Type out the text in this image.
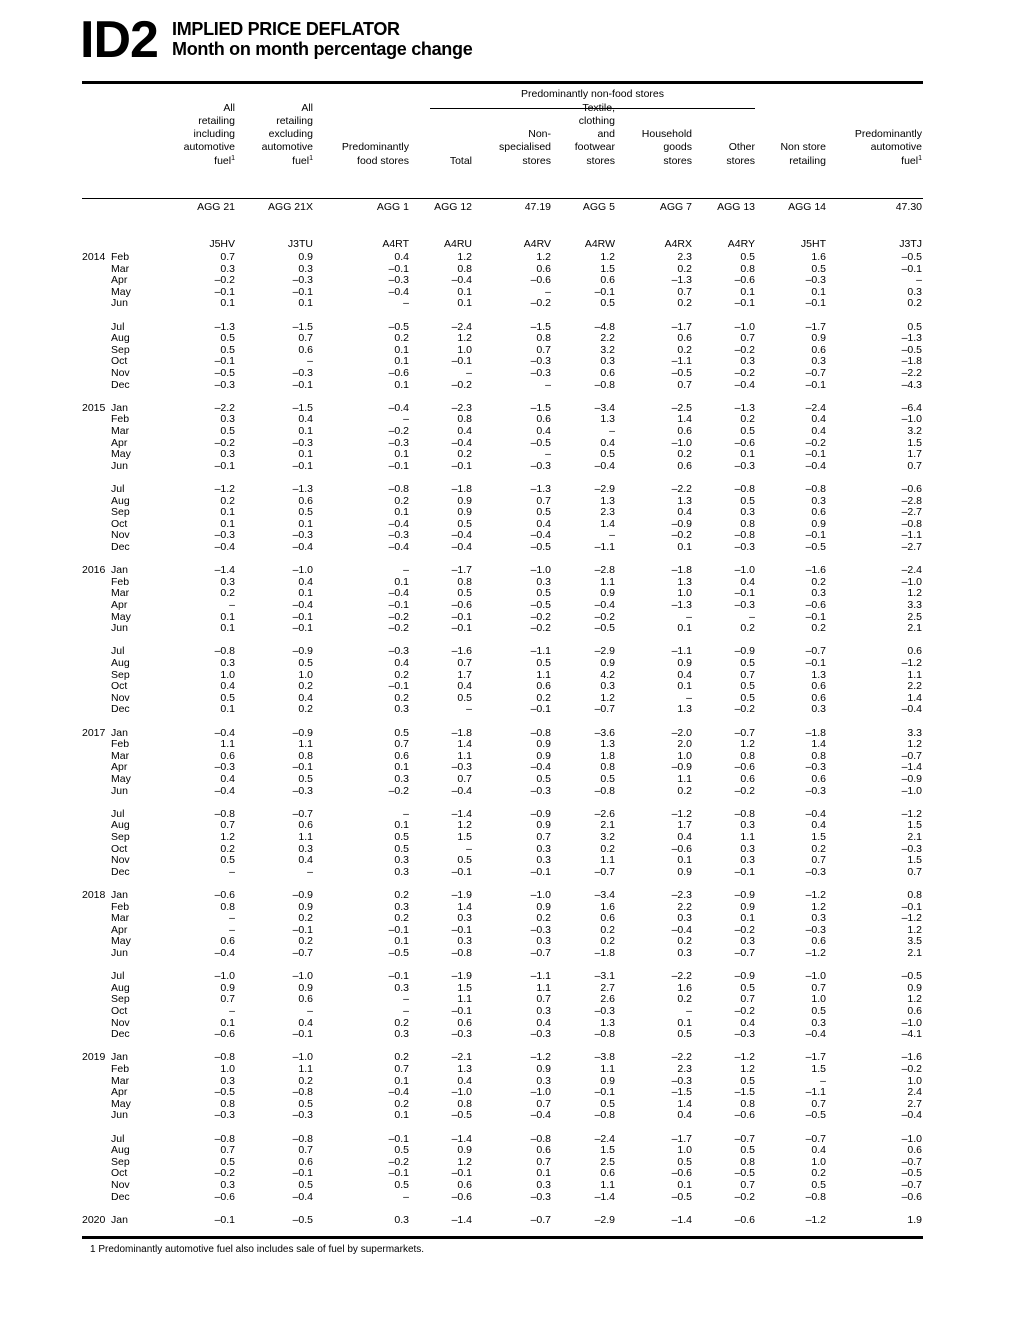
ID2 IMPLIED PRICE DEFLATOR
Month on month percentage change
Predominantly non-food stores
All
retailing
including
automotive
fuel$^1$
All
retailing
excluding
automotive
fuel$^1$
Predominantly
food stores	Total
Non-
specialised
stores
Textile,
clothing
and
footwear
stores
Household
goods
stores
Other
stores
Non store
retailing
Predominantly
automotive
fuel$^1$
AGG 21	AGG 21X	AGG 1	AGG 12	47.19	AGG 5	AGG 7	AGG 13	AGG 14	47.30
J5HV	J3TU	A4RT	A4RU	A4RV	A4RW	A4RX	A4RY	J5HT	J3TJ
2014 Feb	0.7	0.9	0.4	1.2	1.2	1.2	2.3	0.5	1.6	–0.5
Mar	0.3	0.3	–0.1	0.8	0.6	1.5	0.2	0.8	0.5	–0.1
Apr	–0.2	–0.3	–0.3	–0.4	–0.6	0.6	–1.3	–0.6	–0.3	–
May	–0.1	–0.1	–0.4	0.1	–	–0.1	0.7	0.1	0.1	0.3
Jun	0.1	0.1	–	0.1	–0.2	0.5	0.2	–0.1	–0.1	0.2
Jul	–1.3	–1.5	–0.5	–2.4	–1.5	–4.8	–1.7	–1.0	–1.7	0.5
Aug	0.5	0.7	0.2	1.2	0.8	2.2	0.6	0.7	0.9	–1.3
Sep	0.5	0.6	0.1	1.0	0.7	3.2	0.2	–0.2	0.6	–0.5
Oct	–0.1	–	0.1	–0.1	–0.3	0.3	–1.1	0.3	0.3	–1.8
Nov	–0.5	–0.3	–0.6	–	–0.3	0.6	–0.5	–0.2	–0.7	–2.2
Dec	–0.3	–0.1	0.1	–0.2	–	–0.8	0.7	–0.4	–0.1	–4.3
2015 Jan	–2.2	–1.5	–0.4	–2.3	–1.5	–3.4	–2.5	–1.3	–2.4	–6.4
Feb	0.3	0.4	–	0.8	0.6	1.3	1.4	0.2	0.4	–1.0
Mar	0.5	0.1	–0.2	0.4	0.4	–	0.6	0.5	0.4	3.2
Apr	–0.2	–0.3	–0.3	–0.4	–0.5	0.4	–1.0	–0.6	–0.2	1.5
May	0.3	0.1	0.1	0.2	–	0.5	0.2	0.1	–0.1	1.7
Jun	–0.1	–0.1	–0.1	–0.1	–0.3	–0.4	0.6	–0.3	–0.4	0.7
Jul	–1.2	–1.3	–0.8	–1.8	–1.3	–2.9	–2.2	–0.8	–0.8	–0.6
Aug	0.2	0.6	0.2	0.9	0.7	1.3	1.3	0.5	0.3	–2.8
Sep	0.1	0.5	0.1	0.9	0.5	2.3	0.4	0.3	0.6	–2.7
Oct	0.1	0.1	–0.4	0.5	0.4	1.4	–0.9	0.8	0.9	–0.8
Nov	–0.3	–0.3	–0.3	–0.4	–0.4	–	–0.2	–0.8	–0.1	–1.1
Dec	–0.4	–0.4	–0.4	–0.4	–0.5	–1.1	0.1	–0.3	–0.5	–2.7
2016 Jan	–1.4	–1.0	–	–1.7	–1.0	–2.8	–1.8	–1.0	–1.6	–2.4
Feb	0.3	0.4	0.1	0.8	0.3	1.1	1.3	0.4	0.2	–1.0
Mar	0.2	0.1	–0.4	0.5	0.5	0.9	1.0	–0.1	0.3	1.2
Apr	–	–0.4	–0.1	–0.6	–0.5	–0.4	–1.3	–0.3	–0.6	3.3
May	0.1	–0.1	–0.2	–0.1	–0.2	–0.2	–	–	–0.1	2.5
Jun	0.1	–0.1	–0.2	–0.1	–0.2	–0.5	0.1	0.2	0.2	2.1
Jul	–0.8	–0.9	–0.3	–1.6	–1.1	–2.9	–1.1	–0.9	–0.7	0.6
Aug	0.3	0.5	0.4	0.7	0.5	0.9	0.9	0.5	–0.1	–1.2
Sep	1.0	1.0	0.2	1.7	1.1	4.2	0.4	0.7	1.3	1.1
Oct	0.4	0.2	–0.1	0.4	0.6	0.3	0.1	0.5	0.6	2.2
Nov	0.5	0.4	0.2	0.5	0.2	1.2	–	0.5	0.6	1.4
Dec	0.1	0.2	0.3	–	–0.1	–0.7	1.3	–0.2	0.3	–0.4
2017 Jan	–0.4	–0.9	0.5	–1.8	–0.8	–3.6	–2.0	–0.7	–1.8	3.3
Feb	1.1	1.1	0.7	1.4	0.9	1.3	2.0	1.2	1.4	1.2
Mar	0.6	0.8	0.6	1.1	0.9	1.8	1.0	0.8	0.8	–0.7
Apr	–0.3	–0.1	0.1	–0.3	–0.4	0.8	–0.9	–0.6	–0.3	–1.4
May	0.4	0.5	0.3	0.7	0.5	0.5	1.1	0.6	0.6	–0.9
Jun	–0.4	–0.3	–0.2	–0.4	–0.3	–0.8	0.2	–0.2	–0.3	–1.0
Jul	–0.8	–0.7	–	–1.4	–0.9	–2.6	–1.2	–0.8	–0.4	–1.2
Aug	0.7	0.6	0.1	1.2	0.9	2.1	1.7	0.3	0.4	1.5
Sep	1.2	1.1	0.5	1.5	0.7	3.2	0.4	1.1	1.5	2.1
Oct	0.2	0.3	0.5	–	0.3	0.2	–0.6	0.3	0.2	–0.3
Nov	0.5	0.4	0.3	0.5	0.3	1.1	0.1	0.3	0.7	1.5
Dec	–	–	0.3	–0.1	–0.1	–0.7	0.9	–0.1	–0.3	0.7
2018 Jan	–0.6	–0.9	0.2	–1.9	–1.0	–3.4	–2.3	–0.9	–1.2	0.8
Feb	0.8	0.9	0.3	1.4	0.9	1.6	2.2	0.9	1.2	–0.1
Mar	–	0.2	0.2	0.3	0.2	0.6	0.3	0.1	0.3	–1.2
Apr	–	–0.1	–0.1	–0.1	–0.3	0.2	–0.4	–0.2	–0.3	1.2
May	0.6	0.2	0.1	0.3	0.3	0.2	0.2	0.3	0.6	3.5
Jun	–0.4	–0.7	–0.5	–0.8	–0.7	–1.8	0.3	–0.7	–1.2	2.1
Jul	–1.0	–1.0	–0.1	–1.9	–1.1	–3.1	–2.2	–0.9	–1.0	–0.5
Aug	0.9	0.9	0.3	1.5	1.1	2.7	1.6	0.5	0.7	0.9
Sep	0.7	0.6	–	1.1	0.7	2.6	0.2	0.7	1.0	1.2
Oct	–	–	–	–0.1	0.3	–0.3	–	–0.2	0.5	0.6
Nov	0.1	0.4	0.2	0.6	0.4	1.3	0.1	0.4	0.3	–1.0
Dec	–0.6	–0.1	0.3	–0.3	–0.3	–0.8	0.5	–0.3	–0.4	–4.1
2019 Jan	–0.8	–1.0	0.2	–2.1	–1.2	–3.8	–2.2	–1.2	–1.7	–1.6
Feb	1.0	1.1	0.7	1.3	0.9	1.1	2.3	1.2	1.5	–0.2
Mar	0.3	0.2	0.1	0.4	0.3	0.9	–0.3	0.5	–	1.0
Apr	–0.5	–0.8	–0.4	–1.0	–1.0	–0.1	–1.5	–1.5	–1.1	2.4
May	0.8	0.5	0.2	0.8	0.7	0.5	1.4	0.8	0.7	2.7
Jun	–0.3	–0.3	0.1	–0.5	–0.4	–0.8	0.4	–0.6	–0.5	–0.4
Jul	–0.8	–0.8	–0.1	–1.4	–0.8	–2.4	–1.7	–0.7	–0.7	–1.0
Aug	0.7	0.7	0.5	0.9	0.6	1.5	1.0	0.5	0.4	0.6
Sep	0.5	0.6	–0.2	1.2	0.7	2.5	0.5	0.8	1.0	–0.7
Oct	–0.2	–0.1	–0.1	–0.1	0.1	0.6	–0.6	–0.5	0.2	–0.5
Nov	0.3	0.5	0.5	0.6	0.3	1.1	0.1	0.7	0.5	–0.7
Dec	–0.6	–0.4	–	–0.6	–0.3	–1.4	–0.5	–0.2	–0.8	–0.6
2020 Jan	–0.1	–0.5	0.3	–1.4	–0.7	–2.9	–1.4	–0.6	–1.2	1.9
1 Predominantly automotive fuel also includes sale of fuel by supermarkets.
